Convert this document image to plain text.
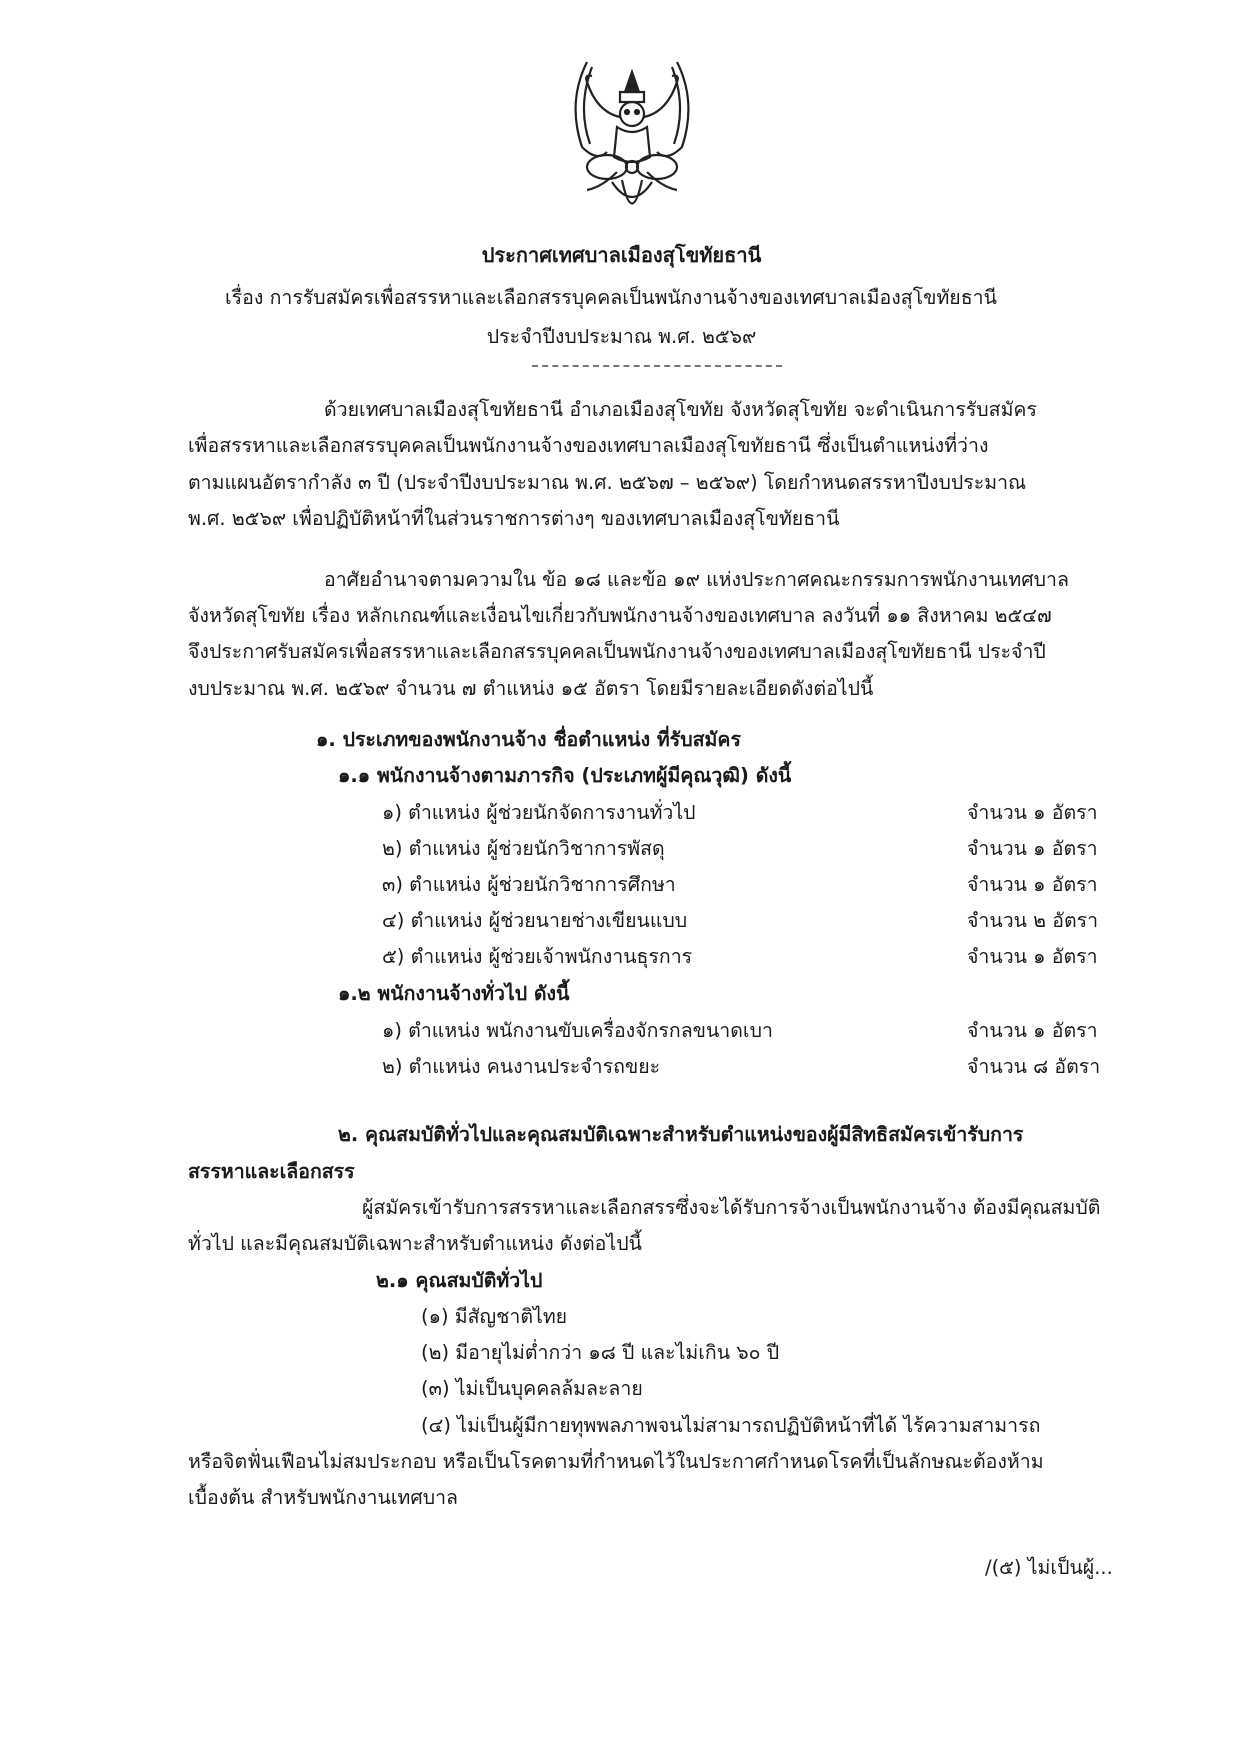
ประกาศเทศบาลเมืองสุโขทัยธานี
เรื่อง การรับสมัครเพื่อสรรหาและเลือกสรรบุคคลเป็นพนักงานจ้างของเทศบาลเมืองสุโขทัยธานี
ประจำปีงบประมาณ พ.ศ. ๒๕๖๙
ด้วยเทศบาลเมืองสุโขทัยธานี อำเภอเมืองสุโขทัย จังหวัดสุโขทัย จะดำเนินการรับสมัคร
เพื่อสรรหาและเลือกสรรบุคคลเป็นพนักงานจ้างของเทศบาลเมืองสุโขทัยธานี ซึ่งเป็นตำแหน่งที่ว่าง
ตามแผนอัตรากำลัง ๓ ปี (ประจำปีงบประมาณ พ.ศ. ๒๕๖๗ – ๒๕๖๙) โดยกำหนดสรรหาปีงบประมาณ
พ.ศ. ๒๕๖๙ เพื่อปฏิบัติหน้าที่ในส่วนราชการต่างๆ ของเทศบาลเมืองสุโขทัยธานี
อาศัยอำนาจตามความใน ข้อ ๑๘ และข้อ ๑๙ แห่งประกาศคณะกรรมการพนักงานเทศบาล
จังหวัดสุโขทัย เรื่อง หลักเกณฑ์และเงื่อนไขเกี่ยวกับพนักงานจ้างของเทศบาล ลงวันที่ ๑๑ สิงหาคม ๒๕๔๗
จึงประกาศรับสมัครเพื่อสรรหาและเลือกสรรบุคคลเป็นพนักงานจ้างของเทศบาลเมืองสุโขทัยธานี ประจำปี
งบประมาณ พ.ศ. ๒๕๖๙ จำนวน ๗ ตำแหน่ง ๑๕ อัตรา โดยมีรายละเอียดดังต่อไปนี้
๑. ประเภทของพนักงานจ้าง ชื่อตำแหน่ง ที่รับสมัคร
๑.๑ พนักงานจ้างตามภารกิจ (ประเภทผู้มีคุณวุฒิ) ดังนี้
๑) ตำแหน่ง ผู้ช่วยนักจัดการงานทั่วไป	จำนวน ๑ อัตรา
๒) ตำแหน่ง ผู้ช่วยนักวิชาการพัสดุ	จำนวน ๑ อัตรา
๓) ตำแหน่ง ผู้ช่วยนักวิชาการศึกษา	จำนวน ๑ อัตรา
๔) ตำแหน่ง ผู้ช่วยนายช่างเขียนแบบ	จำนวน ๒ อัตรา
๕) ตำแหน่ง ผู้ช่วยเจ้าพนักงานธุรการ	จำนวน ๑ อัตรา
๑.๒ พนักงานจ้างทั่วไป ดังนี้
๑) ตำแหน่ง พนักงานขับเครื่องจักรกลขนาดเบา	จำนวน ๑ อัตรา
๒) ตำแหน่ง คนงานประจำรถขยะ	จำนวน ๘ อัตรา
๒. คุณสมบัติทั่วไปและคุณสมบัติเฉพาะสำหรับตำแหน่งของผู้มีสิทธิสมัครเข้ารับการ
สรรหาและเลือกสรร
ผู้สมัครเข้ารับการสรรหาและเลือกสรรซึ่งจะได้รับการจ้างเป็นพนักงานจ้าง ต้องมีคุณสมบัติ
ทั่วไป และมีคุณสมบัติเฉพาะสำหรับตำแหน่ง ดังต่อไปนี้
๒.๑ คุณสมบัติทั่วไป
(๑) มีสัญชาติไทย
(๒) มีอายุไม่ต่ำกว่า ๑๘ ปี และไม่เกิน ๖๐ ปี
(๓) ไม่เป็นบุคคลล้มละลาย
(๔) ไม่เป็นผู้มีกายทุพพลภาพจนไม่สามารถปฏิบัติหน้าที่ได้ ไร้ความสามารถ
หรือจิตฟั่นเฟือนไม่สมประกอบ หรือเป็นโรคตามที่กำหนดไว้ในประกาศกำหนดโรคที่เป็นลักษณะต้องห้าม
เบื้องต้น สำหรับพนักงานเทศบาล
/(๕) ไม่เป็นผู้...
